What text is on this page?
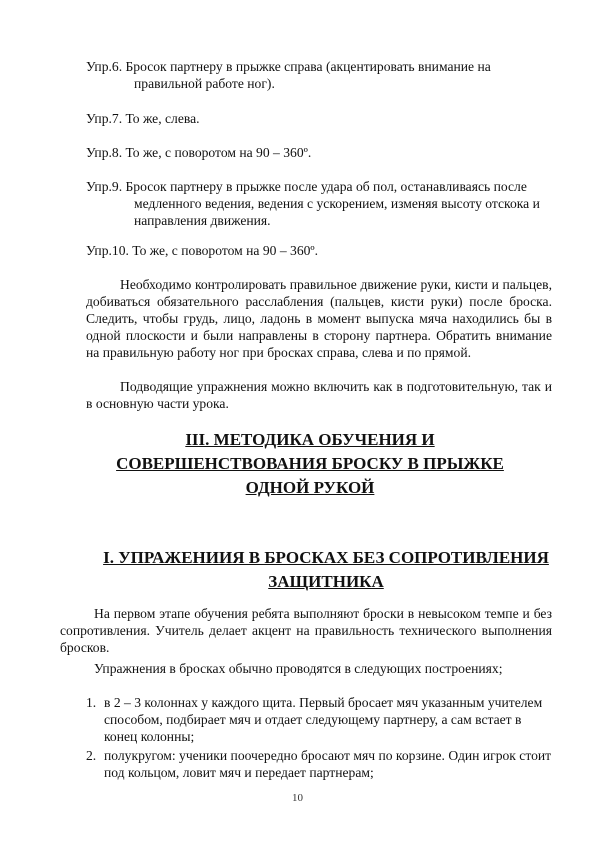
Упр.6. Бросок партнеру в прыжке справа (акцентировать внимание на
правильной работе ног).
Упр.7. То же, слева.
Упр.8. То же, с поворотом на 90 – 360º.
Упр.9. Бросок партнеру в прыжке после удара об пол, останавливаясь после
медленного ведения, ведения с ускорением, изменяя высоту отскока и направления движения.
Упр.10. То же, с поворотом на 90 – 360º.
Необходимо контролировать правильное движение руки, кисти и пальцев, добиваться обязательного расслабления (пальцев, кисти руки) после броска. Следить, чтобы грудь, лицо, ладонь в момент выпуска мяча находились бы в одной плоскости и были направлены в сторону партнера. Обратить внимание на правильную работу ног при бросках справа, слева и по прямой.
Подводящие упражнения можно включить как в подготовительную, так и в основную части урока.
III. МЕТОДИКА ОБУЧЕНИЯ И
СОВЕРШЕНСТВОВАНИЯ БРОСКУ В ПРЫЖКЕ
ОДНОЙ РУКОЙ
I. УПРАЖЕНИИЯ В БРОСКАХ БЕЗ СОПРОТИВЛЕНИЯ
ЗАЩИТНИКА
На первом этапе обучения ребята выполняют броски в невысоком темпе и без сопротивления. Учитель делает акцент на правильность технического выполнения бросков.
Упражнения в бросках обычно проводятся в следующих построениях;
1. в 2 – 3 колоннах у каждого щита. Первый бросает мяч указанным учителем способом, подбирает мяч и отдает следующему партнеру, а сам встает в конец колонны;
2. полукругом: ученики поочередно бросают мяч по корзине. Один игрок стоит под кольцом, ловит мяч и передает партнерам;
10
